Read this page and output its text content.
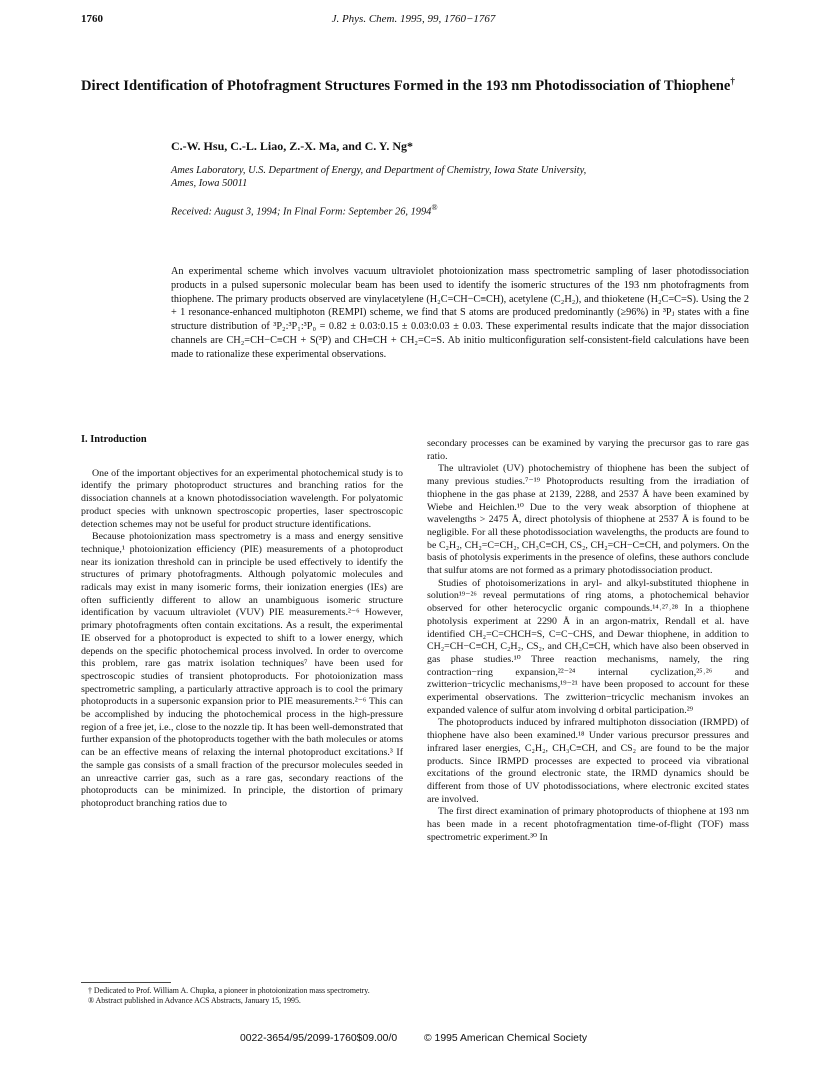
1760	J. Phys. Chem. 1995, 99, 1760−1767
Direct Identification of Photofragment Structures Formed in the 193 nm Photodissociation of Thiophene†
C.-W. Hsu, C.-L. Liao, Z.-X. Ma, and C. Y. Ng*
Ames Laboratory, U.S. Department of Energy, and Department of Chemistry, Iowa State University,
Ames, Iowa 50011
Received: August 3, 1994; In Final Form: September 26, 1994®

An experimental scheme which involves vacuum ultraviolet photoionization mass spectrometric sampling of laser photodissociation products in a pulsed supersonic molecular beam has been used to identify the isomeric structures of the 193 nm photofragments from thiophene. The primary products observed are vinylacetylene (H₂C=CH−C≡CH), acetylene (C₂H₂), and thioketene (H₂C=C=S). Using the 2 + 1 resonance-enhanced multiphoton (REMPI) scheme, we find that S atoms are produced predominantly (≥96%) in ³Pⱼ states with a fine structure distribution of ³P₂:³P₁:³P₀ = 0.82 ± 0.03:0.15 ± 0.03:0.03 ± 0.03. These experimental results indicate that the major dissociation channels are CH₂=CH−C≡CH + S(³P) and CH≡CH + CH₂=C=S. Ab initio multiconfiguration self-consistent-field calculations have been made to rationalize these experimental observations.

I. Introduction

One of the important objectives for an experimental photochemical study is to identify the primary photoproduct structures and branching ratios for the dissociation channels at a known photodissociation wavelength. For polyatomic product species with unknown spectroscopic properties, laser spectroscopic detection schemes may not be useful for product structure identifications.

Because photoionization mass spectrometry is a mass and energy sensitive technique,¹ photoionization efficiency (PIE) measurements of a photoproduct near its ionization threshold can in principle be used effectively to identify the structures of primary photofragments. Although polyatomic molecules and radicals may exist in many isomeric forms, their ionization energies (IEs) are often sufficiently different to allow an unambiguous isomeric structure identification by vacuum ultraviolet (VUV) PIE measurements.²⁻⁶ However, primary photofragments often contain excitations. As a result, the experimental IE observed for a photoproduct is expected to shift to a lower energy, which depends on the specific photochemical process involved. In order to overcome this problem, rare gas matrix isolation techniques⁷ have been used for spectroscopic studies of transient photoproducts. For photoionization mass spectrometric sampling, a particularly attractive approach is to cool the primary photoproducts in a supersonic expansion prior to PIE measurements.²⁻⁶ This can be accomplished by inducing the photochemical process in the high-pressure region of a free jet, i.e., close to the nozzle tip. It has been well-demonstrated that further expansion of the photoproducts together with the bath molecules or atoms can be an effective means of relaxing the internal photoproduct excitations.³ If the sample gas consists of a small fraction of the precursor molecules seeded in an unreactive carrier gas, such as a rare gas, secondary reactions of the photoproducts can be minimized. In principle, the distortion of primary photoproduct branching ratios due to

secondary processes can be examined by varying the precursor gas to rare gas ratio.

The ultraviolet (UV) photochemistry of thiophene has been the subject of many previous studies.⁷⁻¹⁹ Photoproducts resulting from the irradiation of thiophene in the gas phase at 2139, 2288, and 2537 Å have been examined by Wiebe and Heichlen.¹⁰ Due to the very weak absorption of thiophene at wavelengths > 2475 Å, direct photolysis of thiophene at 2537 Å is found to be negligible. For all these photodissociation wavelengths, the products are found to be C₂H₂, CH₂=C=CH₂, CH₃C≡CH, CS₂, CH₂=CH−C≡CH, and polymers. On the basis of photolysis experiments in the presence of olefins, these authors conclude that sulfur atoms are not formed as a primary photodissociation product.

Studies of photoisomerizations in aryl- and alkyl-substituted thiophene in solution¹⁹⁻²⁶ reveal permutations of ring atoms, a photochemical behavior observed for other heterocyclic organic compounds.¹⁴˒²⁷˒²⁸ In a thiophene photolysis experiment at 2290 Å in an argon-matrix, Rendall et al. have identified CH₂=C=CHCH=S, C=C−CHS, and Dewar thiophene, in addition to CH₂=CH−C≡CH, C₂H₂, CS₂, and CH₃C≡CH, which have also been observed in gas phase studies.¹⁰ Three reaction mechanisms, namely, the ring contraction−ring expansion,²²⁻²⁴ internal cyclization,²⁵˒²⁶ and zwitterion−tricyclic mechanisms,¹⁹⁻²¹ have been proposed to account for these experimental observations. The zwitterion−tricyclic mechanism invokes an expanded valence of sulfur atom involving d orbital participation.²⁹

The photoproducts induced by infrared multiphoton dissociation (IRMPD) of thiophene have also been examined.¹⁸ Under various precursor pressures and infrared laser energies, C₂H₂, CH₃C≡CH, and CS₂ are found to be the major products. Since IRMPD processes are expected to proceed via vibrational excitations of the ground electronic state, the IRMD dynamics should be different from those of UV photodissociations, where electronic excited states are involved.

The first direct examination of primary photoproducts of thiophene at 193 nm has been made in a recent photofragmentation time-of-flight (TOF) mass spectrometric experiment.³⁰ In

† Dedicated to Prof. William A. Chupka, a pioneer in photoionization mass spectrometry.

® Abstract published in Advance ACS Abstracts, January 15, 1995.

0022-3654/95/2099-1760$09.00/0	© 1995 American Chemical Society
